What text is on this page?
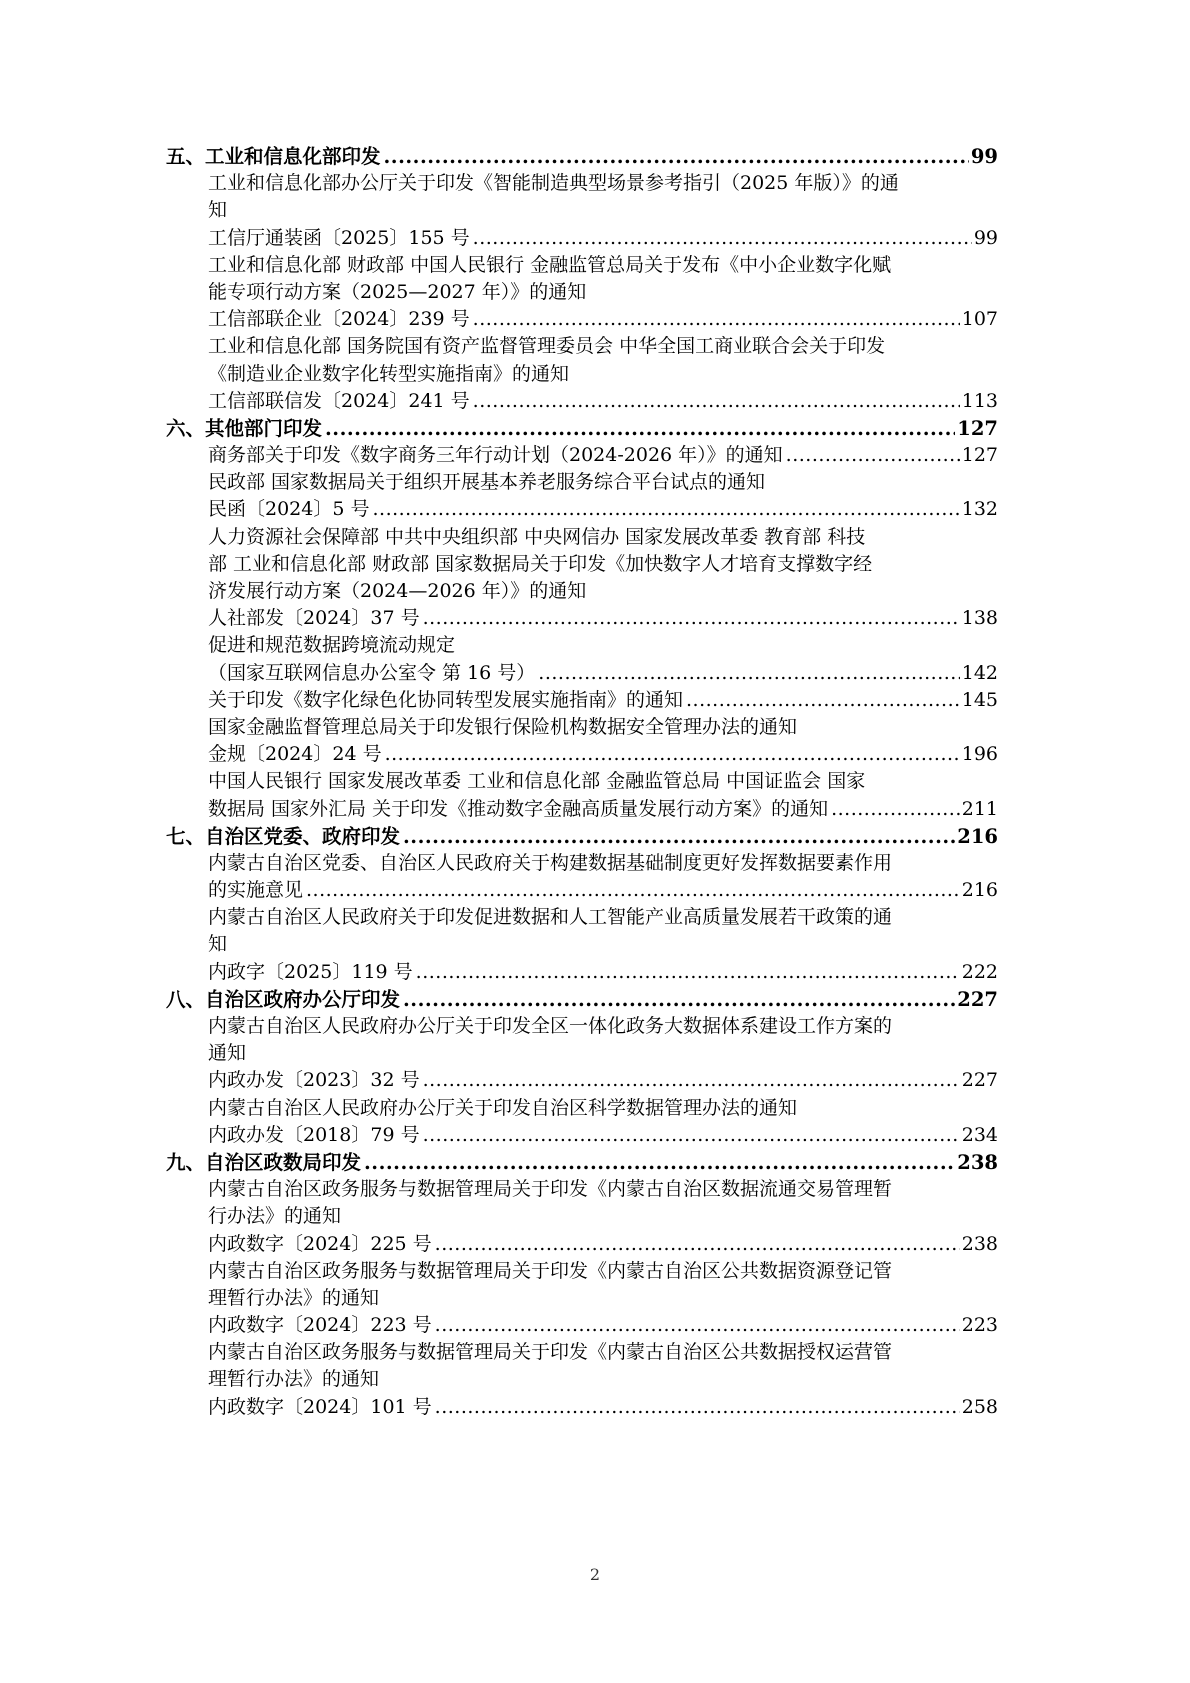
五、工业和信息化部印发 .....	99
工业和信息化部办公厅关于印发《智能制造典型场景参考指引（2025 年版）》的通
知
工信厅通装函〔2025〕155 号 .....	99
工业和信息化部 财政部 中国人民银行 金融监管总局关于发布《中小企业数字化赋
能专项行动方案（2025—2027 年）》的通知
工信部联企业〔2024〕239 号 .....	107
工业和信息化部 国务院国有资产监督管理委员会 中华全国工商业联合会关于印发
《制造业企业数字化转型实施指南》的通知
工信部联信发〔2024〕241 号 .....	113
六、其他部门印发 .....	127
商务部关于印发《数字商务三年行动计划（2024-2026 年）》的通知 .....	127
民政部 国家数据局关于组织开展基本养老服务综合平台试点的通知
民函〔2024〕5 号 .....	132
人力资源社会保障部 中共中央组织部 中央网信办 国家发展改革委 教育部 科技
部 工业和信息化部 财政部 国家数据局关于印发《加快数字人才培育支撑数字经
济发展行动方案（2024—2026 年）》的通知
人社部发〔2024〕37 号 .....	138
促进和规范数据跨境流动规定
（国家互联网信息办公室令 第 16 号） .....	142
关于印发《数字化绿色化协同转型发展实施指南》的通知 .....	145
国家金融监督管理总局关于印发银行保险机构数据安全管理办法的通知
金规〔2024〕24 号 .....	196
中国人民银行 国家发展改革委 工业和信息化部 金融监管总局 中国证监会 国家
数据局 国家外汇局 关于印发《推动数字金融高质量发展行动方案》的通知 .....	211
七、自治区党委、政府印发 .....	216
内蒙古自治区党委、自治区人民政府关于构建数据基础制度更好发挥数据要素作用
的实施意见 .....	216
内蒙古自治区人民政府关于印发促进数据和人工智能产业高质量发展若干政策的通
知
内政字〔2025〕119 号 .....	222
八、自治区政府办公厅印发 .....	227
内蒙古自治区人民政府办公厅关于印发全区一体化政务大数据体系建设工作方案的
通知
内政办发〔2023〕32 号 .....	227
内蒙古自治区人民政府办公厅关于印发自治区科学数据管理办法的通知
内政办发〔2018〕79 号 .....	234
九、自治区政数局印发 .....	238
内蒙古自治区政务服务与数据管理局关于印发《内蒙古自治区数据流通交易管理暂
行办法》的通知
内政数字〔2024〕225 号 .....	238
内蒙古自治区政务服务与数据管理局关于印发《内蒙古自治区公共数据资源登记管
理暂行办法》的通知
内政数字〔2024〕223 号 .....	223
内蒙古自治区政务服务与数据管理局关于印发《内蒙古自治区公共数据授权运营管
理暂行办法》的通知
内政数字〔2024〕101 号 .....	258
2
